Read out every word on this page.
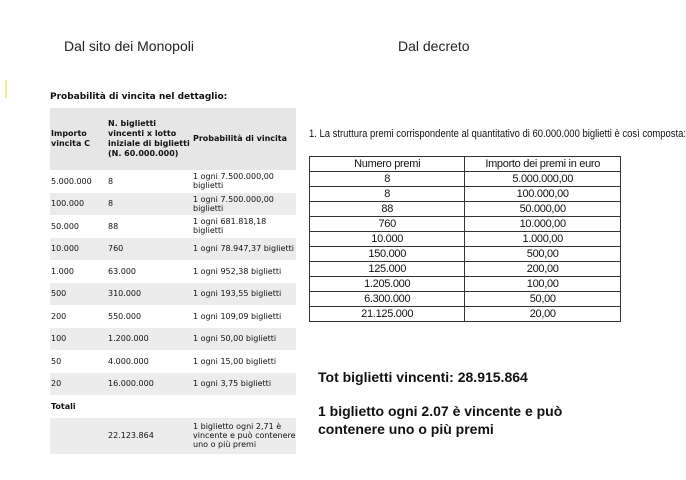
Dal sito dei Monopoli	Dal decreto
Probabilità di vincita nel dettaglio:
Importo vincita C	N. biglietti vincenti x lotto iniziale di biglietti (N. 60.000.000)	Probabilità di vincita
5.000.000	8	1 ogni 7.500.000,00 biglietti
100.000	8	1 ogni 7.500.000,00 biglietti
50.000	88	1 ogni 681.818,18 biglietti
10.000	760	1 ogni 78.947,37 biglietti
1.000	63.000	1 ogni 952,38 biglietti
500	310.000	1 ogni 193,55 biglietti
200	550.000	1 ogni 109,09 biglietti
100	1.200.000	1 ogni 50,00 biglietti
50	4.000.000	1 ogni 15,00 biglietti
20	16.000.000	1 ogni 3,75 biglietti
Totali		
	22.123.864	1 biglietto ogni 2,71 è vincente e può contenere uno o più premi
1. La struttura premi corrispondente al quantitativo di 60.000.000 biglietti è così composta:
Numero premi	Importo dei premi in euro
8	5.000.000,00
8	100.000,00
88	50.000,00
760	10.000,00
10.000	1.000,00
150.000	500,00
125.000	200,00
1.205.000	100,00
6.300.000	50,00
21.125.000	20,00
Tot biglietti vincenti: 28.915.864
1 biglietto ogni 2.07 è vincente e può contenere uno o più premi
